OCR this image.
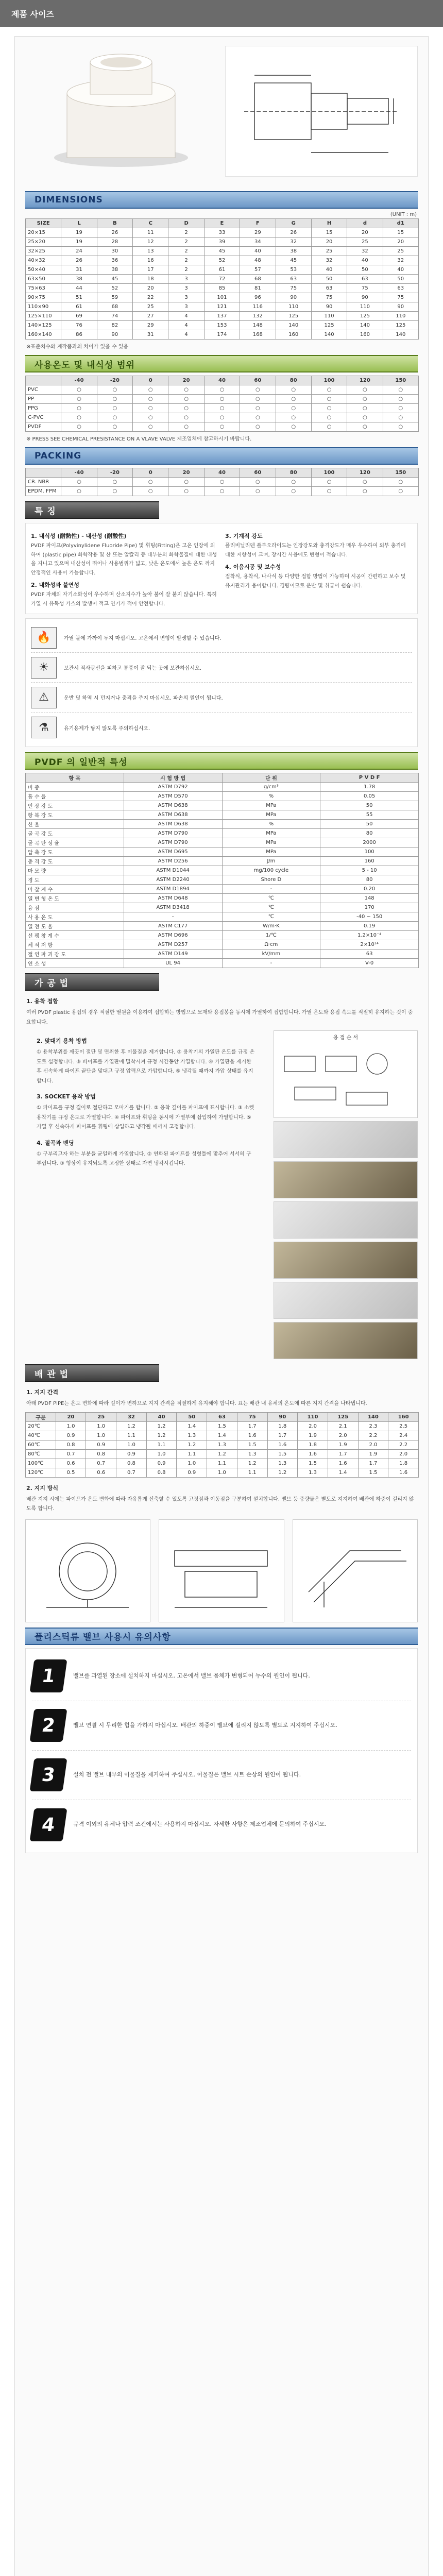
제품 사이즈
DIMENSIONS
(UNIT : m)
SIZE	L	B	C	D	E	F	G	H	d	d1
20×15	19	26	11	2	33	29	26	15	20	15
25×20	19	28	12	2	39	34	32	20	25	20
32×25	24	30	13	2	45	40	38	25	32	25
40×32	26	36	16	2	52	48	45	32	40	32
50×40	31	38	17	2	61	57	53	40	50	40
63×50	38	45	18	3	72	68	63	50	63	50
75×63	44	52	20	3	85	81	75	63	75	63
90×75	51	59	22	3	101	96	90	75	90	75
110×90	61	68	25	3	121	116	110	90	110	90
125×110	69	74	27	4	137	132	125	110	125	110
140×125	76	82	29	4	153	148	140	125	140	125
160×140	86	90	31	4	174	168	160	140	160	140
※표준치수와 계작품과의 차이가 있을 수 있음
사용온도 및 내식성 범위
	-40	-20	0	20	40	60	80	100	120	150
PVC	○	○	○	○	○	○	○	○	○	○
PP	○	○	○	○	○	○	○	○	○	○
PPG	○	○	○	○	○	○	○	○	○	○
C-PVC	○	○	○	○	○	○	○	○	○	○
PVDF	○	○	○	○	○	○	○	○	○	○
※ PRESS SEE CHEMICAL PRESISTANCE ON A VLAVE VALVE 제조업체에 참고하시기 바랍니다.
PACKING
	-40	-20	0	20	40	60	80	100	120	150
CR. NBR	○	○	○	○	○	○	○	○	○	○
EPDM. FPM	○	○	○	○	○	○	○	○	○	○
특 징
1. 내식성 (耐熱性) - 내산성 (耐酸性)
PVDF 파이프(Polyvinylidene Fluoride Pipe) 및 휘팅(Fitting)은 고온 인장에 의하여 (plastic pipe) 화학작용 및 산 또는 알칼리 등 대부분의 화학물질에 대한 내성을 지니고 있으며 내산성이 뛰어나 사용범위가 넓고, 낮은 온도에서 높은 온도 까지 안정적인 사용이 가능합니다.
2. 내화성과 불연성
PVDF 자체의 자기소화성이 우수하며 산소지수가 높아 불이 잘 붙지 않습니다. 특히 가열 시 유독성 가스의 발생이 적고 연기가 적어 안전합니다.
3. 기계적 강도
폴리비닐리덴 플루오라이드는 인장강도와 충격강도가 매우 우수하여 외부 충격에 대한 저항성이 크며, 장시간 사용에도 변형이 적습니다.
4. 이음시공 및 보수성
접착식, 용착식, 나사식 등 다양한 접합 방법이 가능하며 시공이 간편하고 보수 및 유지관리가 용이합니다. 경량이므로 운반 및 취급이 쉽습니다.
🔥	가열 불에 가까이 두지 마십시오. 고온에서 변형이 발생할 수 있습니다.
☀	보관시 직사광선을 피하고 통풍이 잘 되는 곳에 보관하십시오.
⚠	운반 및 하역 시 던지거나 충격을 주지 마십시오. 파손의 원인이 됩니다.
⚗	유기용제가 닿지 않도록 주의하십시오.
PVDF 의 일반적 특성
항 목	시 험 방 법	단 위	P V D F
비 중	ASTM D792	g/cm³	1.78
흡 수 율	ASTM D570	%	0.05
인 장 강 도	ASTM D638	MPa	50
항 복 강 도	ASTM D638	MPa	55
신 율	ASTM D638	%	50
굴 곡 강 도	ASTM D790	MPa	80
굴 곡 탄 성 율	ASTM D790	MPa	2000
압 축 강 도	ASTM D695	MPa	100
충 격 강 도	ASTM D256	J/m	160
마 모 량	ASTM D1044	mg/100 cycle	5 - 10
경 도	ASTM D2240	Shore D	80
마 찰 계 수	ASTM D1894	-	0.20
열 변 형 온 도	ASTM D648	℃	148
융 점	ASTM D3418	℃	170
사 용 온 도	-	℃	-40 ~ 150
열 전 도 율	ASTM C177	W/m·K	0.19
선 팽 창 계 수	ASTM D696	1/℃	1.2×10⁻⁴
체 적 저 항	ASTM D257	Ω·cm	2×10¹⁴
절 연 파 괴 강 도	ASTM D149	kV/mm	63
연 소 성	UL 94	-	V-0
가 공 법
1. 용착 접합
여러 PVDF plastic 용접의 경우 적절한 열원을 이용하여 접합하는 방법으로 모재와 용접봉을 동시에 가열하여 접합합니다. 가열 온도와 용접 속도를 적절히 유지하는 것이 중요합니다.
2. 맞대기 용착 방법
① 용착부위를 깨끗이 절단 및 면취한 후 이물질을 제거합니다. ② 용착기의 가열판 온도를 규정 온도로 설정합니다. ③ 파이프를 가열판에 밀착시켜 규정 시간동안 가열합니다. ④ 가열판을 제거한 후 신속하게 파이프 끝단을 맞대고 규정 압력으로 가압합니다. ⑤ 냉각될 때까지 가압 상태를 유지합니다.
3. SOCKET 용착 방법
① 파이프를 규정 길이로 절단하고 모따기를 합니다. ② 용착 깊이를 파이프에 표시합니다. ③ 소켓 용착기를 규정 온도로 가열합니다. ④ 파이프와 휘팅을 동시에 가열부에 삽입하여 가열합니다. ⑤ 가열 후 신속하게 파이프를 휘팅에 삽입하고 냉각될 때까지 고정합니다.
4. 절곡과 밴딩
① 구부리고자 하는 부분을 균일하게 가열합니다. ② 연화된 파이프를 성형틀에 맞추어 서서히 구부립니다. ③ 형상이 유지되도록 고정한 상태로 자연 냉각시킵니다.
용 접 순 서
배 관 법
1. 지지 간격
아래 PVDF PIPE는 온도 변화에 따라 길이가 변하므로 지지 간격을 적절하게 유지해야 합니다. 표는 배관 내 유체의 온도에 따른 지지 간격을 나타냅니다.
구분	20	25	32	40	50	63	75	90	110	125	140	160
20℃	1.0	1.0	1.2	1.2	1.4	1.5	1.7	1.8	2.0	2.1	2.3	2.5
40℃	0.9	1.0	1.1	1.2	1.3	1.4	1.6	1.7	1.9	2.0	2.2	2.4
60℃	0.8	0.9	1.0	1.1	1.2	1.3	1.5	1.6	1.8	1.9	2.0	2.2
80℃	0.7	0.8	0.9	1.0	1.1	1.2	1.3	1.5	1.6	1.7	1.9	2.0
100℃	0.6	0.7	0.8	0.9	1.0	1.1	1.2	1.3	1.5	1.6	1.7	1.8
120℃	0.5	0.6	0.7	0.8	0.9	1.0	1.1	1.2	1.3	1.4	1.5	1.6
2. 지지 방식
배관 지지 시에는 파이프가 온도 변화에 따라 자유롭게 신축할 수 있도록 고정점과 이동점을 구분하여 설치합니다. 밸브 등 중량물은 별도로 지지하여 배관에 하중이 걸리지 않도록 합니다.
플리스틱류 밸브 사용시 유의사항
1	밸브를 과열된 장소에 설치하지 마십시오. 고온에서 밸브 몸체가 변형되어 누수의 원인이 됩니다.
2	밸브 연결 시 무리한 힘을 가하지 마십시오. 배관의 하중이 밸브에 걸리지 않도록 별도로 지지하여 주십시오.
3	설치 전 밸브 내부의 이물질을 제거하여 주십시오. 이물질은 밸브 시트 손상의 원인이 됩니다.
4	규격 이외의 유체나 압력 조건에서는 사용하지 마십시오. 자세한 사항은 제조업체에 문의하여 주십시오.
